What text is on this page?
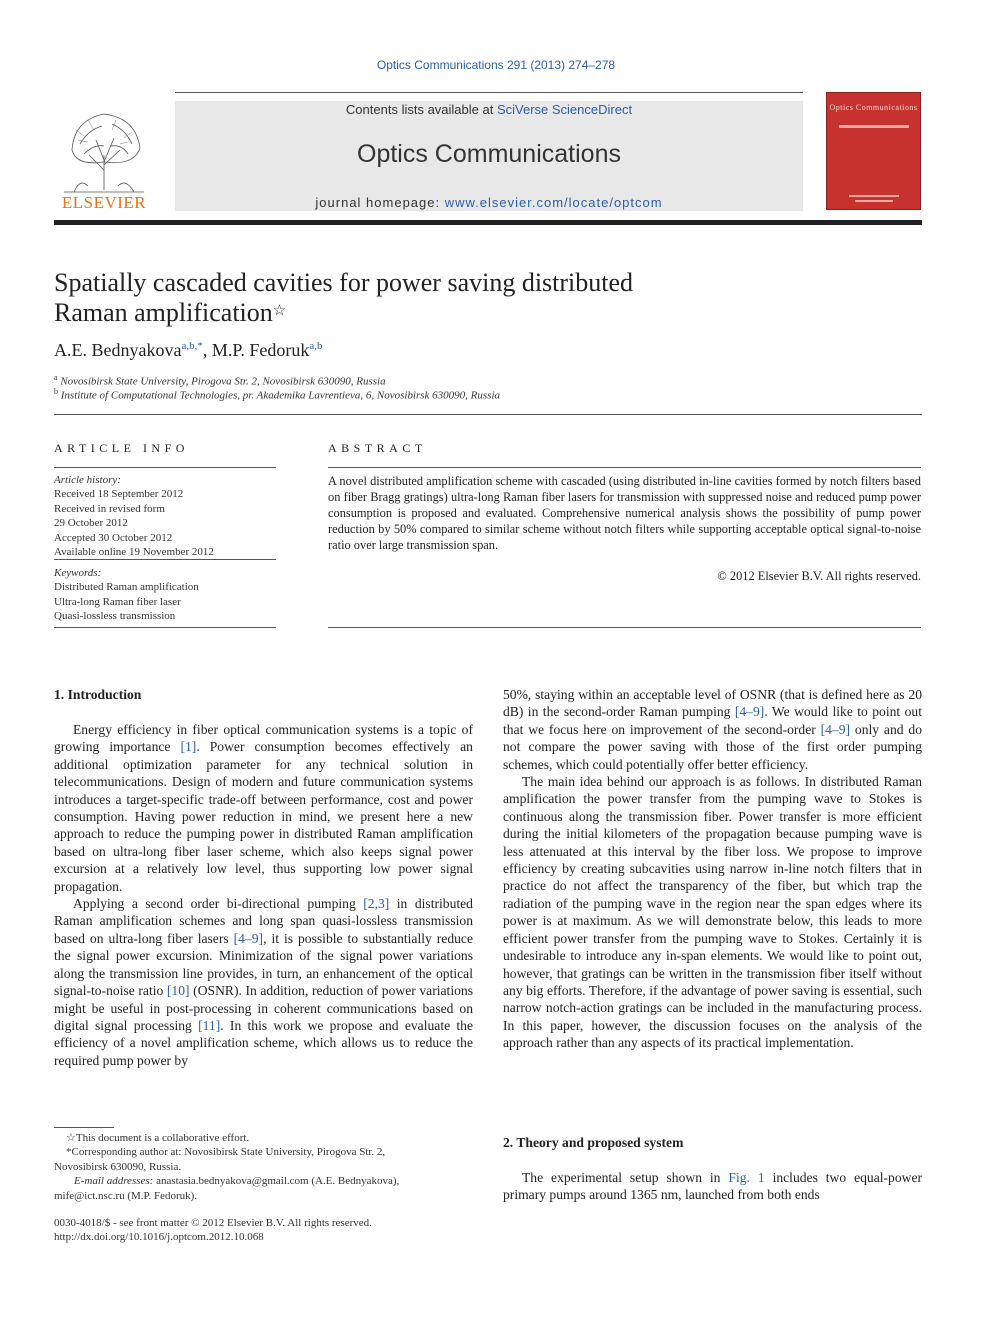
Optics Communications 291 (2013) 274–278
ELSEVIER
Contents lists available at SciVerse ScienceDirect
Optics Communications
journal homepage: www.elsevier.com/locate/optcom
Optics Communications
Spatially cascaded cavities for power saving distributed
Raman amplification☆
A.E. Bednyakova$^{a,b,*}$, M.P. Fedoruk$^{a,b}$
$^a$ Novosibirsk State University, Pirogova Str. 2, Novosibirsk 630090, Russia
$^b$ Institute of Computational Technologies, pr. Akademika Lavrentieva, 6, Novosibirsk 630090, Russia
ARTICLE INFO
Article history:
Received 18 September 2012
Received in revised form
29 October 2012
Accepted 30 October 2012
Available online 19 November 2012
Keywords:
Distributed Raman amplification
Ultra-long Raman fiber laser
Quasi-lossless transmission
ABSTRACT
A novel distributed amplification scheme with cascaded (using distributed in-line cavities formed by notch filters based on fiber Bragg gratings) ultra-long Raman fiber lasers for transmission with suppressed noise and reduced pump power consumption is proposed and evaluated. Comprehensive numerical analysis shows the possibility of pump power reduction by 50% compared to similar scheme without notch filters while supporting acceptable optical signal-to-noise ratio over large transmission span.
© 2012 Elsevier B.V. All rights reserved.
1. Introduction

Energy efficiency in fiber optical communication systems is a topic of growing importance [1]. Power consumption becomes effectively an additional optimization parameter for any technical solution in telecommunications. Design of modern and future communication systems introduces a target-specific trade-off between performance, cost and power consumption. Having power reduction in mind, we present here a new approach to reduce the pumping power in distributed Raman amplification based on ultra-long fiber laser scheme, which also keeps signal power excursion at a relatively low level, thus supporting low power signal propagation.

Applying a second order bi-directional pumping [2,3] in distributed Raman amplification schemes and long span quasi-lossless transmission based on ultra-long fiber lasers [4–9], it is possible to substantially reduce the signal power excursion. Minimization of the signal power variations along the transmission line provides, in turn, an enhancement of the optical signal-to-noise ratio [10] (OSNR). In addition, reduction of power variations might be useful in post-processing in coherent communications based on digital signal processing [11]. In this work we propose and evaluate the efficiency of a novel amplification scheme, which allows us to reduce the required pump power by

50%, staying within an acceptable level of OSNR (that is defined here as 20 dB) in the second-order Raman pumping [4–9]. We would like to point out that we focus here on improvement of the second-order [4–9] only and do not compare the power saving with those of the first order pumping schemes, which could potentially offer better efficiency.

The main idea behind our approach is as follows. In distributed Raman amplification the power transfer from the pumping wave to Stokes is continuous along the transmission fiber. Power transfer is more efficient during the initial kilometers of the propagation because pumping wave is less attenuated at this interval by the fiber loss. We propose to improve efficiency by creating subcavities using narrow in-line notch filters that in practice do not affect the transparency of the fiber, but which trap the radiation of the pumping wave in the region near the span edges where its power is at maximum. As we will demonstrate below, this leads to more efficient power transfer from the pumping wave to Stokes. Certainly it is undesirable to introduce any in-span elements. We would like to point out, however, that gratings can be written in the transmission fiber itself without any big efforts. Therefore, if the advantage of power saving is essential, such narrow notch-action gratings can be included in the manufacturing process. In this paper, however, the discussion focuses on the analysis of the approach rather than any aspects of its practical implementation.

2. Theory and proposed system

The experimental setup shown in Fig. 1 includes two equal-power primary pumps around 1365 nm, launched from both ends

☆This document is a collaborative effort.
*Corresponding author at: Novosibirsk State University, Pirogova Str. 2,
Novosibirsk 630090, Russia.
E-mail addresses: anastasia.bednyakova@gmail.com (A.E. Bednyakova),
mife@ict.nsc.ru (M.P. Fedoruk).
0030-4018/$ - see front matter © 2012 Elsevier B.V. All rights reserved.
http://dx.doi.org/10.1016/j.optcom.2012.10.068
